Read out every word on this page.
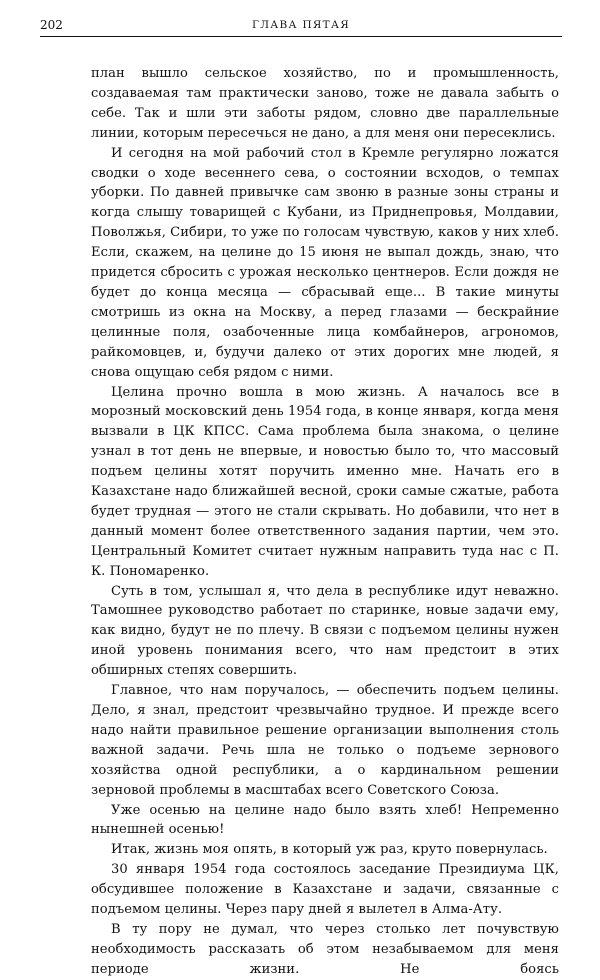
202	ГЛАВА ПЯТАЯ

план вышло сельское хозяйство, по и промышленность, создаваемая там практически заново, тоже не давала забыть о себе. Так и шли эти заботы рядом, словно две параллельные линии, которым пересечься не дано, а для меня они пересеклись.

И сегодня на мой рабочий стол в Кремле регулярно ложатся сводки о ходе весеннего сева, о состоянии всходов, о темпах уборки. По давней привычке сам звоню в разные зоны страны и когда слышу товарищей с Кубани, из Приднепровья, Молдавии, Поволжья, Сибири, то уже по голосам чувствую, каков у них хлеб. Если, скажем, на целине до 15 июня не выпал дождь, знаю, что придется сбросить с урожая несколько центнеров. Если дождя не будет до конца месяца — сбрасывай еще... В такие минуты смотришь из окна на Москву, а перед глазами — бескрайние целинные поля, озабоченные лица комбайнеров, агрономов, райкомовцев, и, будучи далеко от этих дорогих мне людей, я снова ощущаю себя рядом с ними.

Целина прочно вошла в мою жизнь. А началось все в морозный московский день 1954 года, в конце января, когда меня вызвали в ЦК КПСС. Сама проблема была знакома, о целине узнал в тот день не впервые, и новостью было то, что массовый подъем целины хотят поручить именно мне. Начать его в Казахстане надо ближайшей весной, сроки самые сжатые, работа будет трудная — этого не стали скрывать. Но добавили, что нет в данный момент более ответственного задания партии, чем это. Центральный Комитет считает нужным направить туда нас с П. К. Пономаренко.

Суть в том, услышал я, что дела в республике идут неважно. Тамошнее руководство работает по старинке, новые задачи ему, как видно, будут не по плечу. В связи с подъемом целины нужен иной уровень понимания всего, что нам предстоит в этих обширных степях совершить.

Главное, что нам поручалось, — обеспечить подъем целины. Дело, я знал, предстоит чрезвычайно трудное. И прежде всего надо найти правильное решение организации выполнения столь важной задачи. Речь шла не только о подъеме зернового хозяйства одной республики, а о кардинальном решении зерновой проблемы в масштабах всего Советского Союза.

Уже осенью на целине надо было взять хлеб! Непременно нынешней осенью!

Итак, жизнь моя опять, в который уж раз, круто повернулась.

30 января 1954 года состоялось заседание Президиума ЦК, обсудившее положение в Казахстане и задачи, связанные с подъемом целины. Через пару дней я вылетел в Алма-Ату.

В ту пору не думал, что через столько лет почувствую необходимость рассказать об этом незабываемом для меня периоде жизни. Не боясь
